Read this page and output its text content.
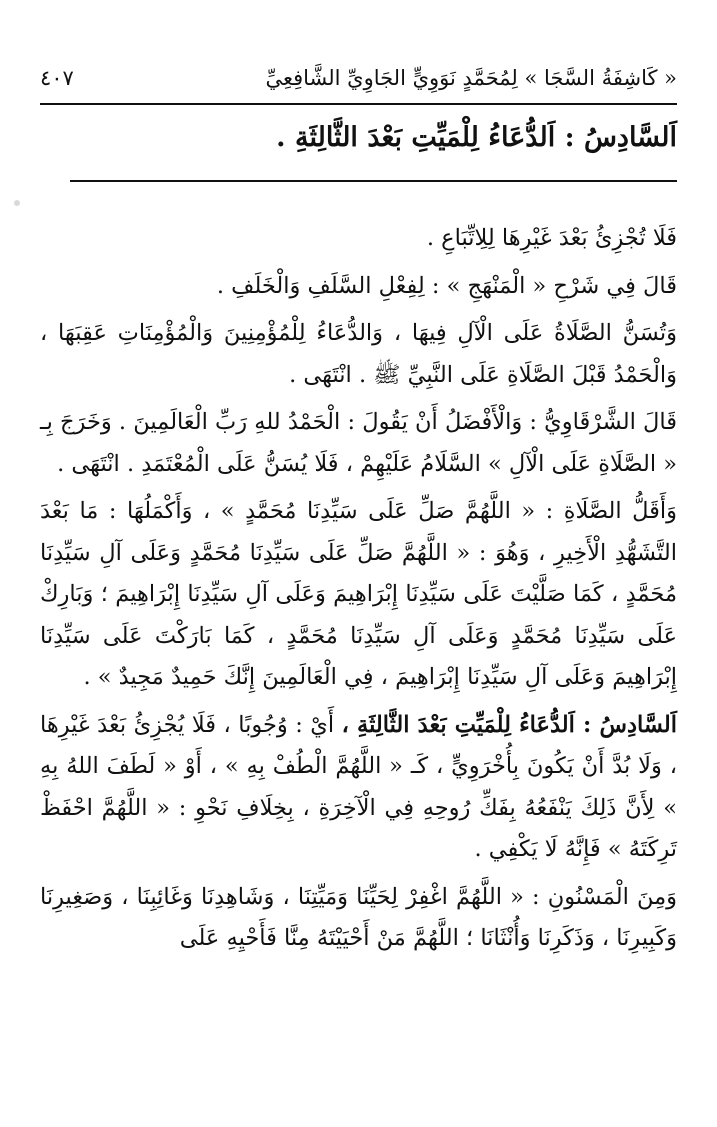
« كَاشِفَةُ السَّجَا » لِمُحَمَّدٍ نَوَوِيٍّ الجَاوِيِّ الشَّافِعِيِّ
٤٠٧
اَلسَّادِسُ : اَلدُّعَاءُ لِلْمَيِّتِ بَعْدَ الثَّالِثَةِ .

فَلَا تُجْزِئُ بَعْدَ غَيْرِهَا لِلِاتِّبَاعِ .

قَالَ فِي شَرْحِ « الْمَنْهَجِ » : لِفِعْلِ السَّلَفِ وَالْخَلَفِ .

وَتُسَنُّ الصَّلَاةُ عَلَى الْآلِ فِيهَا ، وَالدُّعَاءُ لِلْمُؤْمِنِينَ وَالْمُؤْمِنَاتِ عَقِبَهَا ، وَالْحَمْدُ قَبْلَ الصَّلَاةِ عَلَى النَّبِيِّ ﷺ . انْتَهَى .

قَالَ الشَّرْقَاوِيُّ : وَالْأَفْضَلُ أَنْ يَقُولَ : الْحَمْدُ للهِ رَبِّ الْعَالَمِينَ . وَخَرَجَ بِـ « الصَّلَاةِ عَلَى الْآلِ » السَّلَامُ عَلَيْهِمْ ، فَلَا يُسَنُّ عَلَى الْمُعْتَمَدِ . انْتَهَى .

وَأَقَلُّ الصَّلَاةِ : « اللَّهُمَّ صَلِّ عَلَى سَيِّدِنَا مُحَمَّدٍ » ، وَأَكْمَلُهَا : مَا بَعْدَ التَّشَهُّدِ الْأَخِيرِ ، وَهُوَ : « اللَّهُمَّ صَلِّ عَلَى سَيِّدِنَا مُحَمَّدٍ وَعَلَى آلِ سَيِّدِنَا مُحَمَّدٍ ، كَمَا صَلَّيْتَ عَلَى سَيِّدِنَا إِبْرَاهِيمَ وَعَلَى آلِ سَيِّدِنَا إِبْرَاهِيمَ ؛ وَبَارِكْ عَلَى سَيِّدِنَا مُحَمَّدٍ وَعَلَى آلِ سَيِّدِنَا مُحَمَّدٍ ، كَمَا بَارَكْتَ عَلَى سَيِّدِنَا إِبْرَاهِيمَ وَعَلَى آلِ سَيِّدِنَا إِبْرَاهِيمَ ، فِي الْعَالَمِينَ إِنَّكَ حَمِيدٌ مَجِيدٌ » .

اَلسَّادِسُ : اَلدُّعَاءُ لِلْمَيِّتِ بَعْدَ الثَّالِثَةِ ، أَيْ : وُجُوبًا ، فَلَا يُجْزِئُ بَعْدَ غَيْرِهَا ، وَلَا بُدَّ أَنْ يَكُونَ بِأُخْرَوِيٍّ ، كَـ « اللَّهُمَّ الْطُفْ بِهِ » ، أَوْ « لَطَفَ اللهُ بِهِ » لِأَنَّ ذَلِكَ يَنْفَعُهُ بِفَكِّ رُوحِهِ فِي الْآخِرَةِ ، بِخِلَافِ نَحْوِ : « اللَّهُمَّ احْفَظْ تَرِكَتَهُ » فَإِنَّهُ لَا يَكْفِي .

وَمِنَ الْمَسْنُونِ : « اللَّهُمَّ اغْفِرْ لِحَيِّنَا وَمَيِّتِنَا ، وَشَاهِدِنَا وَغَائِبِنَا ، وَصَغِيرِنَا وَكَبِيرِنَا ، وَذَكَرِنَا وَأُنْثَانَا ؛ اللَّهُمَّ مَنْ أَحْيَيْتَهُ مِنَّا فَأَحْيِهِ عَلَى
